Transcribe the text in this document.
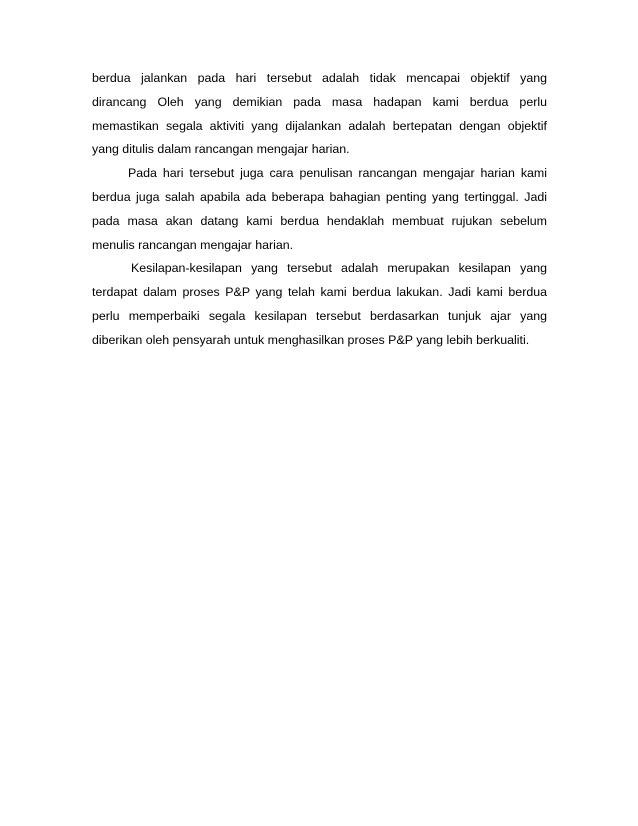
berdua jalankan pada hari tersebut adalah tidak mencapai objektif yang
dirancang Oleh yang demikian pada masa hadapan kami berdua perlu
memastikan segala aktiviti yang dijalankan adalah bertepatan dengan objektif
yang ditulis dalam rancangan mengajar harian.
Pada hari tersebut juga cara penulisan rancangan mengajar harian kami
berdua juga salah apabila ada beberapa bahagian penting yang tertinggal. Jadi
pada masa akan datang kami berdua hendaklah membuat rujukan sebelum
menulis rancangan mengajar harian.
Kesilapan-kesilapan yang tersebut adalah merupakan kesilapan yang
terdapat dalam proses P&P yang telah kami berdua lakukan. Jadi kami berdua
perlu memperbaiki segala kesilapan tersebut berdasarkan tunjuk ajar yang
diberikan oleh pensyarah untuk menghasilkan proses P&P yang lebih berkualiti.
